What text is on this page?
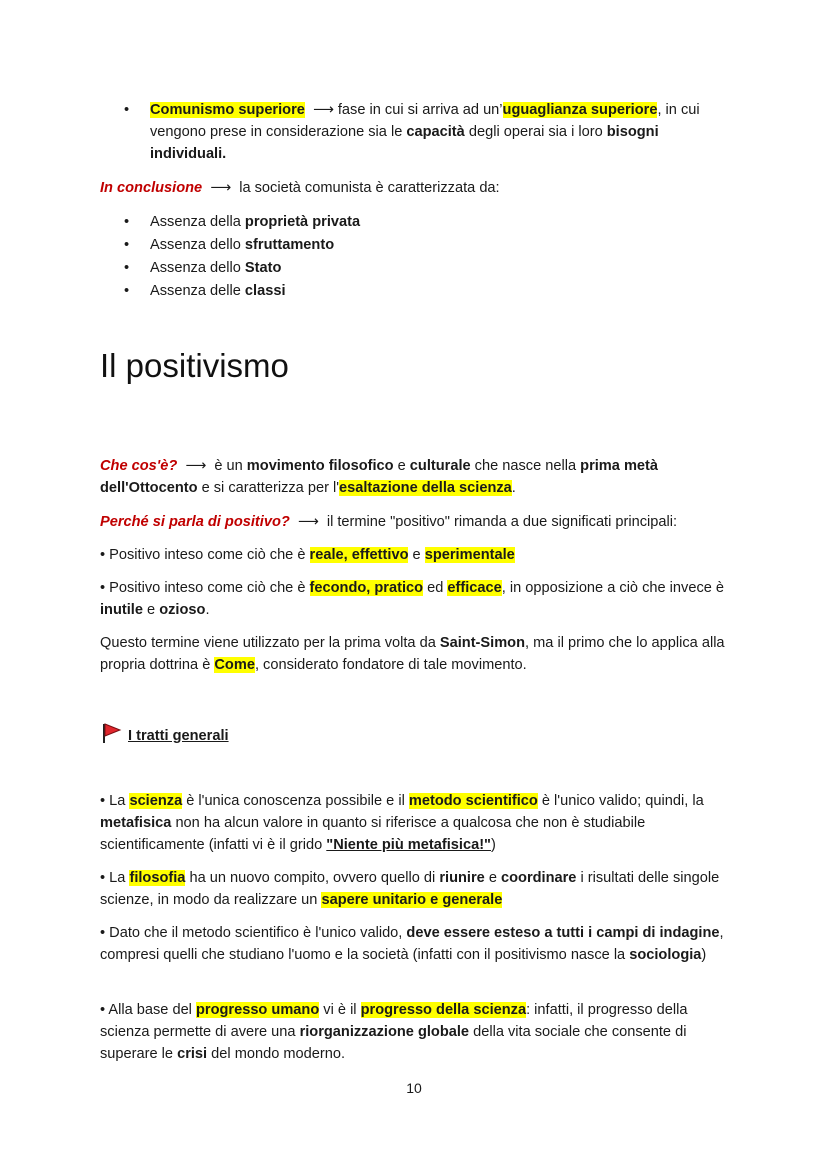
• Comunismo superiore ⟶ fase in cui si arriva ad un’uguaglianza superiore, in cui vengono prese in considerazione sia le capacità degli operai sia i loro bisogni individuali.
In conclusione ⟶ la società comunista è caratterizzata da:
• Assenza della proprietà privata
• Assenza dello sfruttamento
• Assenza dello Stato
• Assenza delle classi
Il positivismo
Che cos'è? ⟶ è un movimento filosofico e culturale che nasce nella prima metà dell'Ottocento e si caratterizza per l'esaltazione della scienza.
Perché si parla di positivo? ⟶ il termine "positivo" rimanda a due significati principali:
• Positivo inteso come ciò che è reale, effettivo e sperimentale
• Positivo inteso come ciò che è fecondo, pratico ed efficace, in opposizione a ciò che invece è inutile e ozioso.
Questo termine viene utilizzato per la prima volta da Saint-Simon, ma il primo che lo applica alla propria dottrina è Come, considerato fondatore di tale movimento.
I tratti generali
• La scienza è l'unica conoscenza possibile e il metodo scientifico è l'unico valido; quindi, la metafisica non ha alcun valore in quanto si riferisce a qualcosa che non è studiabile scientificamente (infatti vi è il grido "Niente più metafisica!")
• La filosofia ha un nuovo compito, ovvero quello di riunire e coordinare i risultati delle singole scienze, in modo da realizzare un sapere unitario e generale
• Dato che il metodo scientifico è l'unico valido, deve essere esteso a tutti i campi di indagine, compresi quelli che studiano l'uomo e la società (infatti con il positivismo nasce la sociologia)
• Alla base del progresso umano vi è il progresso della scienza: infatti, il progresso della scienza permette di avere una riorganizzazione globale della vita sociale che consente di superare le crisi del mondo moderno.
10
